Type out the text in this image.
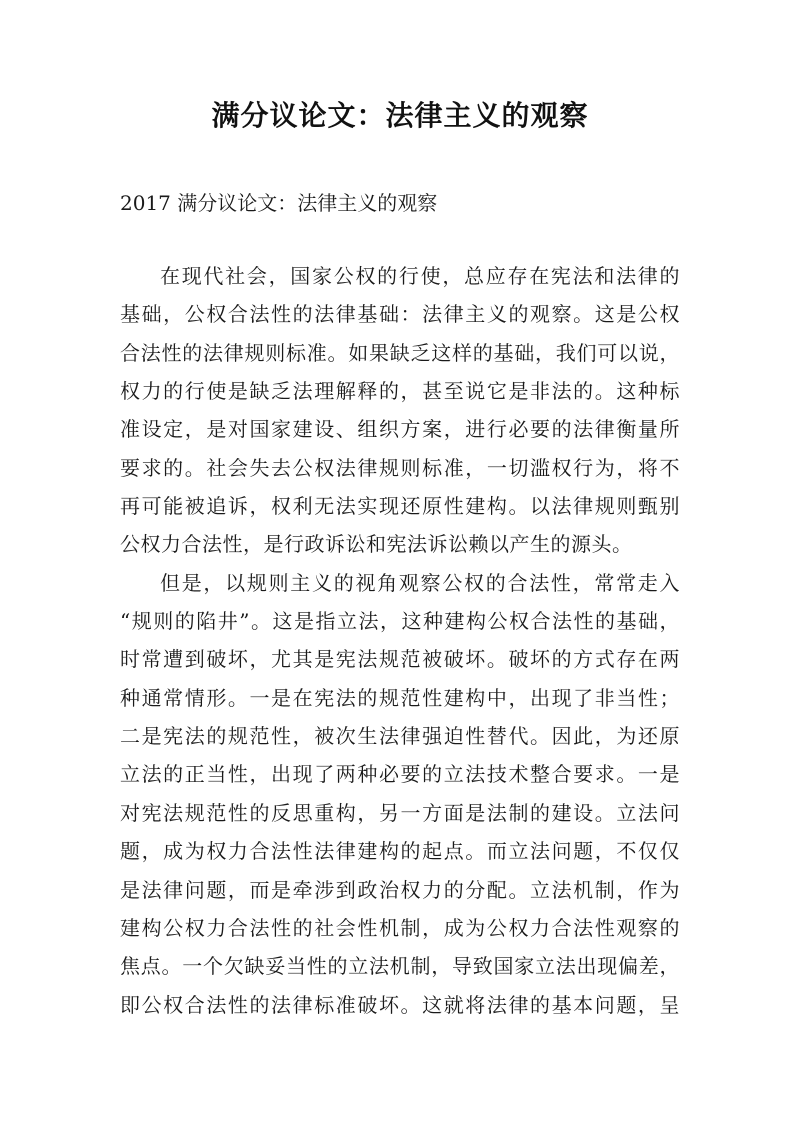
满分议论文：法律主义的观察
2017 满分议论文：法律主义的观察
在现代社会，国家公权的行使，总应存在宪法和法律的
基础，公权合法性的法律基础：法律主义的观察。这是公权
合法性的法律规则标准。如果缺乏这样的基础，我们可以说，
权力的行使是缺乏法理解释的，甚至说它是非法的。这种标
准设定，是对国家建设、组织方案，进行必要的法律衡量所
要求的。社会失去公权法律规则标准，一切滥权行为，将不
再可能被追诉，权利无法实现还原性建构。以法律规则甄别
公权力合法性，是行政诉讼和宪法诉讼赖以产生的源头。
但是，以规则主义的视角观察公权的合法性，常常走入
“规则的陷井”。这是指立法，这种建构公权合法性的基础，
时常遭到破坏，尤其是宪法规范被破坏。破坏的方式存在两
种通常情形。一是在宪法的规范性建构中，出现了非当性；
二是宪法的规范性，被次生法律强迫性替代。因此，为还原
立法的正当性，出现了两种必要的立法技术整合要求。一是
对宪法规范性的反思重构，另一方面是法制的建设。立法问
题，成为权力合法性法律建构的起点。而立法问题，不仅仅
是法律问题，而是牵涉到政治权力的分配。立法机制，作为
建构公权力合法性的社会性机制，成为公权力合法性观察的
焦点。一个欠缺妥当性的立法机制，导致国家立法出现偏差，
即公权合法性的法律标准破坏。这就将法律的基本问题，呈
